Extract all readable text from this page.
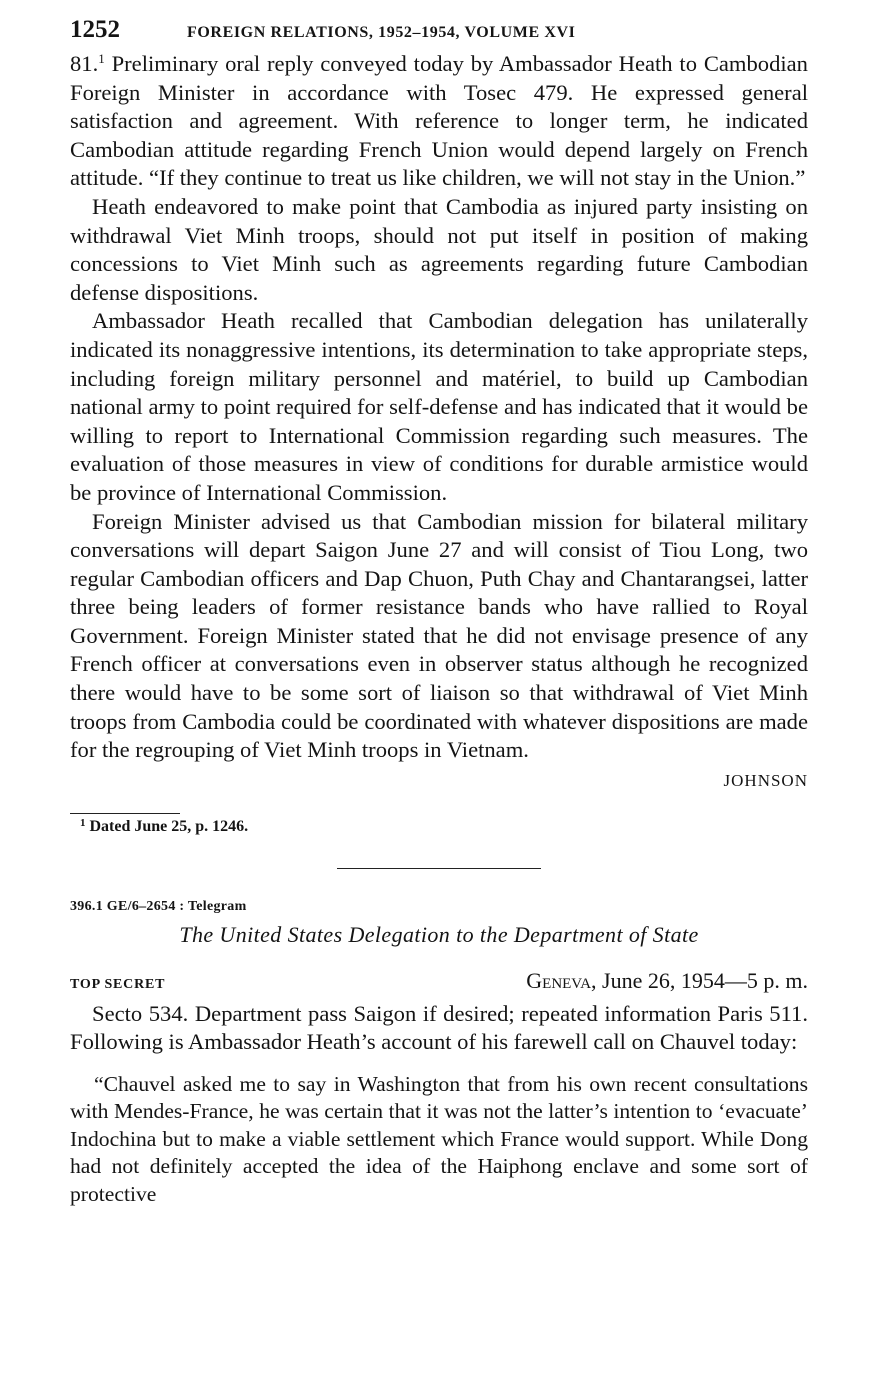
1252	FOREIGN RELATIONS, 1952–1954, VOLUME XVI

81.$^1$ Preliminary oral reply conveyed today by Ambassador Heath to Cambodian Foreign Minister in accordance with Tosec 479. He expressed general satisfaction and agreement. With reference to longer term, he indicated Cambodian attitude regarding French Union would depend largely on French attitude. “If they continue to treat us like children, we will not stay in the Union.”

Heath endeavored to make point that Cambodia as injured party insisting on withdrawal Viet Minh troops, should not put itself in position of making concessions to Viet Minh such as agreements regarding future Cambodian defense dispositions.

Ambassador Heath recalled that Cambodian delegation has unilaterally indicated its nonaggressive intentions, its determination to take appropriate steps, including foreign military personnel and matériel, to build up Cambodian national army to point required for self-defense and has indicated that it would be willing to report to International Commission regarding such measures. The evaluation of those measures in view of conditions for durable armistice would be province of International Commission.

Foreign Minister advised us that Cambodian mission for bilateral military conversations will depart Saigon June 27 and will consist of Tiou Long, two regular Cambodian officers and Dap Chuon, Puth Chay and Chantarangsei, latter three being leaders of former resistance bands who have rallied to Royal Government. Foreign Minister stated that he did not envisage presence of any French officer at conversations even in observer status although he recognized there would have to be some sort of liaison so that withdrawal of Viet Minh troops from Cambodia could be coordinated with whatever dispositions are made for the regrouping of Viet Minh troops in Vietnam.

JOHNSON
$^1$ Dated June 25, p. 1246.
396.1 GE/6–2654 : Telegram
The United States Delegation to the Department of State
TOP SECRET	Geneva, June 26, 1954—5 p. m.

Secto 534. Department pass Saigon if desired; repeated information Paris 511. Following is Ambassador Heath’s account of his farewell call on Chauvel today:

“Chauvel asked me to say in Washington that from his own recent consultations with Mendes-France, he was certain that it was not the latter’s intention to ‘evacuate’ Indochina but to make a viable settlement which France would support. While Dong had not definitely accepted the idea of the Haiphong enclave and some sort of protective
